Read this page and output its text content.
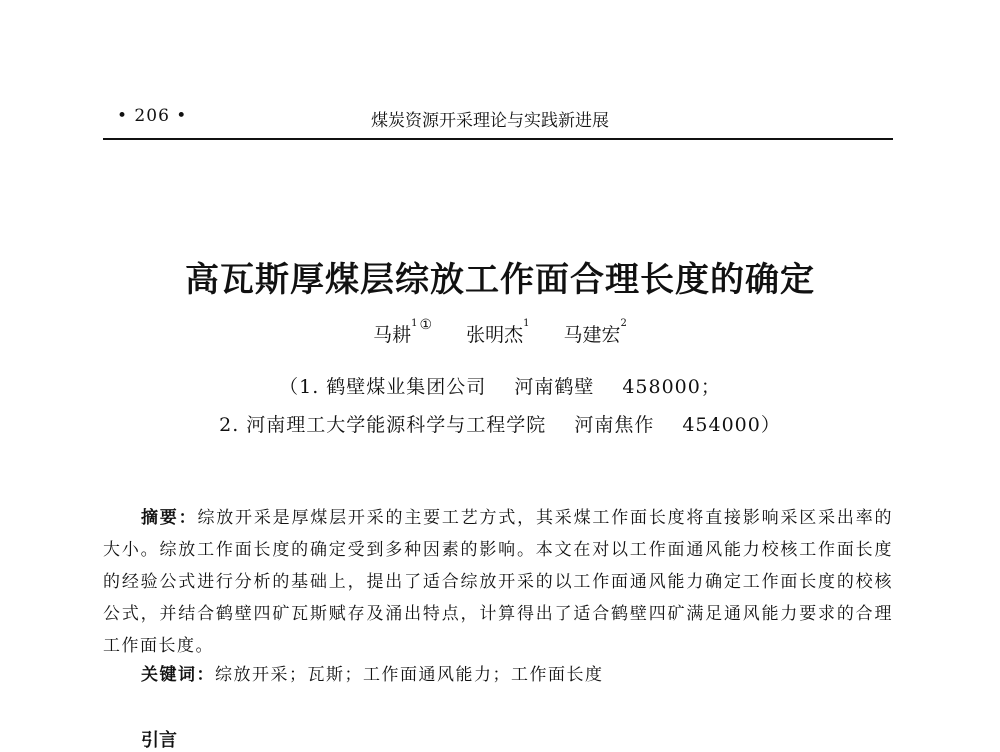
• 206 •	煤炭资源开采理论与实践新进展
高瓦斯厚煤层综放工作面合理长度的确定
马耕$^1$ ① 张明杰$^1$ 马建宏$^2$
（1. 鹤壁煤业集团公司 河南鹤壁 458000；
2. 河南理工大学能源科学与工程学院 河南焦作 454000）
摘要：综放开采是厚煤层开采的主要工艺方式，其采煤工作面长度将直接影响采区采出率的大小。综放工作面长度的确定受到多种因素的影响。本文在对以工作面通风能力校核工作面长度的经验公式进行分析的基础上，提出了适合综放开采的以工作面通风能力确定工作面长度的校核公式，并结合鹤壁四矿瓦斯赋存及涌出特点，计算得出了适合鹤壁四矿满足通风能力要求的合理工作面长度。
关键词：综放开采；瓦斯；工作面通风能力；工作面长度
引言
